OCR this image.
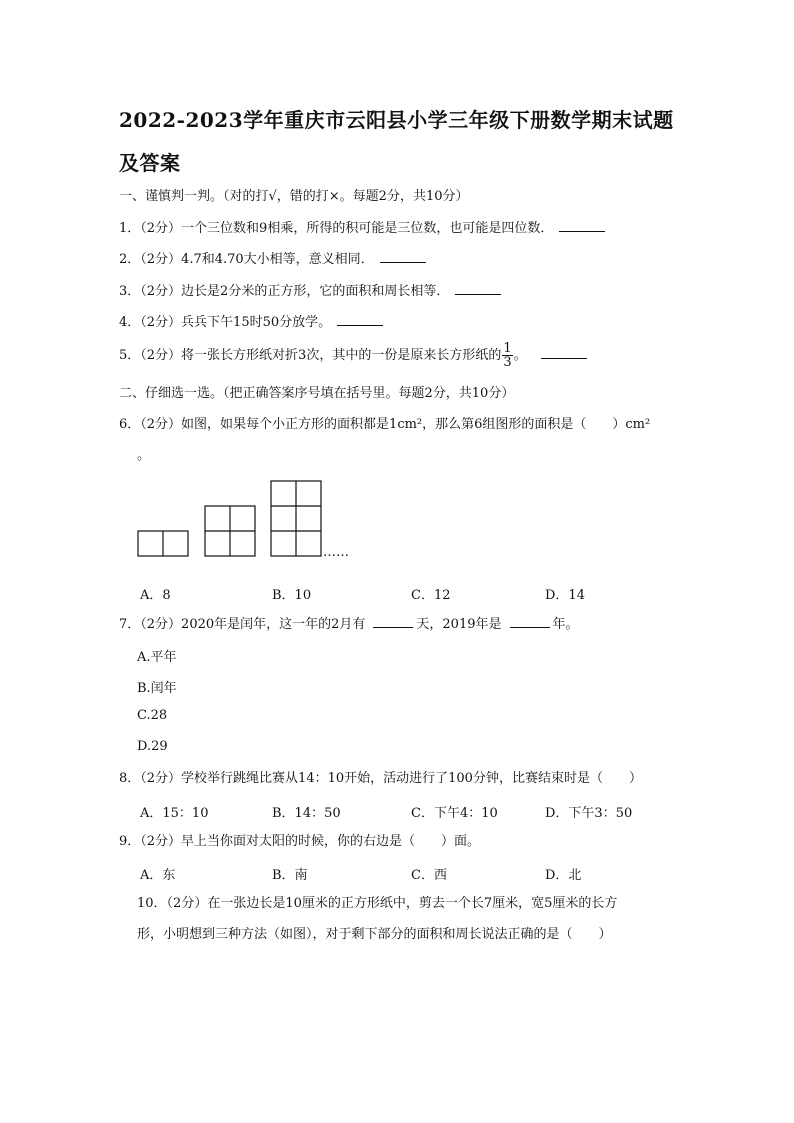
2022-2023学年重庆市云阳县小学三年级下册数学期末试题
及答案
一、谨慎判一判。（对的打√，错的打×。每题2分，共10分）
1．（2分）一个三位数和9相乘，所得的积可能是三位数，也可能是四位数．
2．（2分）4.7和4.70大小相等，意义相同．
3．（2分）边长是2分米的正方形，它的面积和周长相等．
4．（2分）兵兵下午15时50分放学。
5．（2分）将一张长方形纸对折3次，其中的一份是原来长方形纸的 $\frac{1}{3}$ 。
二、仔细选一选。（把正确答案序号填在括号里。每题2分，共10分）
6．（2分）如图，如果每个小正方形的面积都是1cm²，那么第6组图形的面积是（　　）cm²
。
……
A．8	B．10	C．12	D．14
7．（2分）2020年是闰年，这一年的2月有	天，2019年是	年。
A.平年
B.闰年
C.28
D.29
8．（2分）学校举行跳绳比赛从14：10开始，活动进行了100分钟，比赛结束时是（　　）
A．15：10	B．14：50	C．下午4：10	D．下午3：50
9．（2分）早上当你面对太阳的时候，你的右边是（　　）面。
A．东	B．南	C．西	D．北
10．（2分）在一张边长是10厘米的正方形纸中，剪去一个长7厘米，宽5厘米的长方
形，小明想到三种方法（如图），对于剩下部分的面积和周长说法正确的是（　　）
